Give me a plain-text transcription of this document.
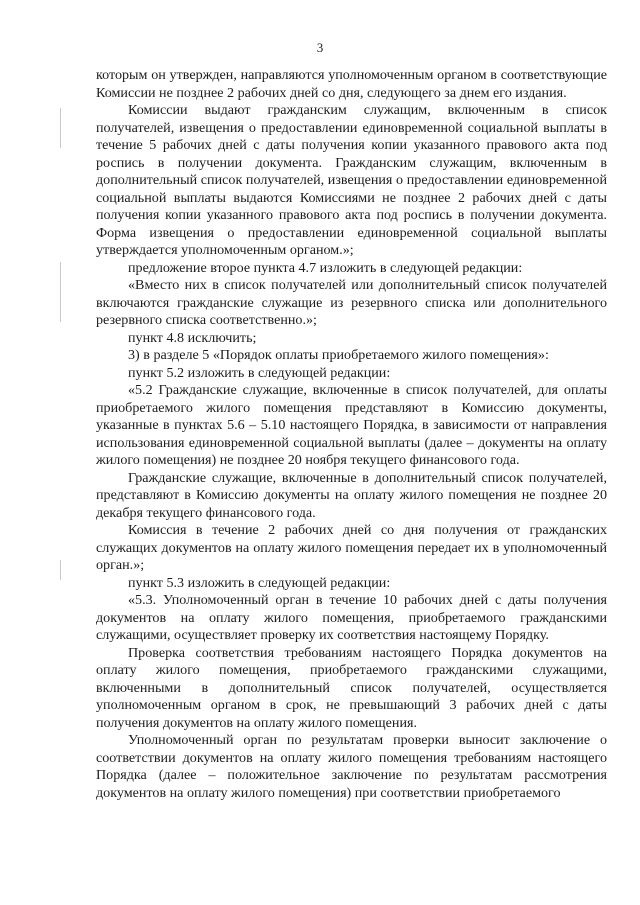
3

которым он утвержден, направляются уполномоченным органом в соответствующие Комиссии не позднее 2 рабочих дней со дня, следующего за днем его издания.

Комиссии выдают гражданским служащим, включенным в список получателей, извещения о предоставлении единовременной социальной выплаты в течение 5 рабочих дней с даты получения копии указанного правового акта под роспись в получении документа. Гражданским служащим, включенным в дополнительный список получателей, извещения о предоставлении единовременной социальной выплаты выдаются Комиссиями не позднее 2 рабочих дней с даты получения копии указанного правового акта под роспись в получении документа. Форма извещения о предоставлении единовременной социальной выплаты утверждается уполномоченным органом.»;

предложение второе пункта 4.7 изложить в следующей редакции:

«Вместо них в список получателей или дополнительный список получателей включаются гражданские служащие из резервного списка или дополнительного резервного списка соответственно.»;

пункт 4.8 исключить;

3) в разделе 5 «Порядок оплаты приобретаемого жилого помещения»:

пункт 5.2 изложить в следующей редакции:

«5.2 Гражданские служащие, включенные в список получателей, для оплаты приобретаемого жилого помещения представляют в Комиссию документы, указанные в пунктах 5.6 – 5.10 настоящего Порядка, в зависимости от направления использования единовременной социальной выплаты (далее – документы на оплату жилого помещения) не позднее 20 ноября текущего финансового года.

Гражданские служащие, включенные в дополнительный список получателей, представляют в Комиссию документы на оплату жилого помещения не позднее 20 декабря текущего финансового года.

Комиссия в течение 2 рабочих дней со дня получения от гражданских служащих документов на оплату жилого помещения передает их в уполномоченный орган.»;

пункт 5.3 изложить в следующей редакции:

«5.3. Уполномоченный орган в течение 10 рабочих дней с даты получения документов на оплату жилого помещения, приобретаемого гражданскими служащими, осуществляет проверку их соответствия настоящему Порядку.

Проверка соответствия требованиям настоящего Порядка документов на оплату жилого помещения, приобретаемого гражданскими служащими, включенными в дополнительный список получателей, осуществляется уполномоченным органом в срок, не превышающий 3 рабочих дней с даты получения документов на оплату жилого помещения.

Уполномоченный орган по результатам проверки выносит заключение о соответствии документов на оплату жилого помещения требованиям настоящего Порядка (далее – положительное заключение по результатам рассмотрения документов на оплату жилого помещения) при соответствии приобретаемого
